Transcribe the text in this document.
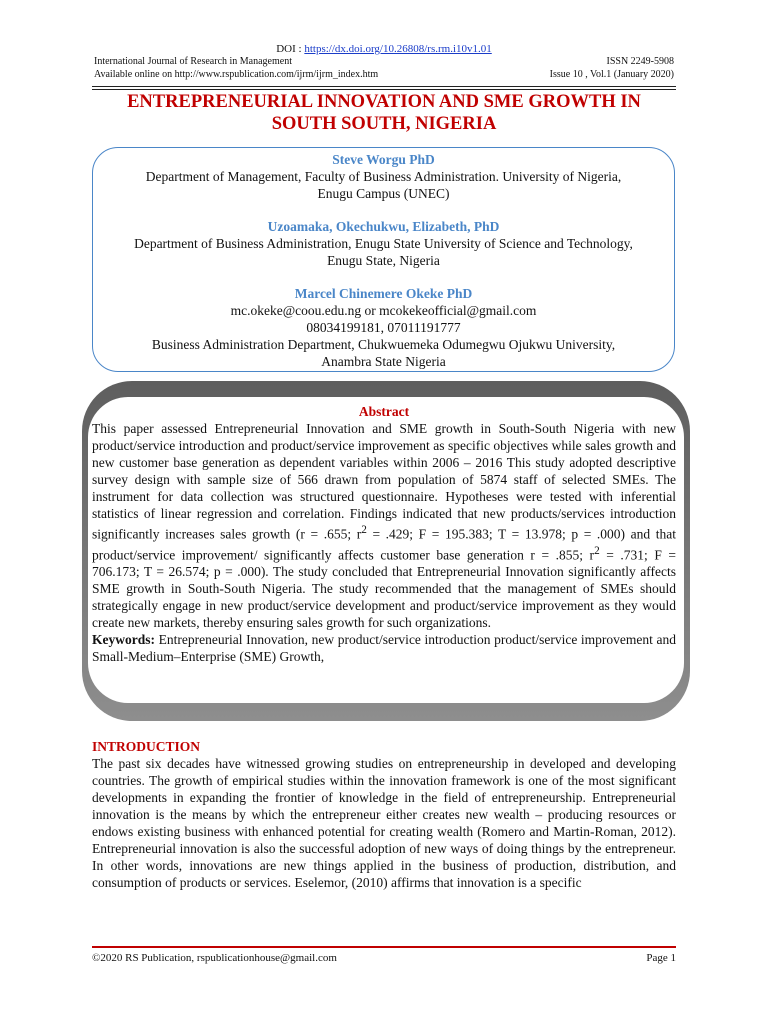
DOI : https://dx.doi.org/10.26808/rs.rm.i10v1.01
International Journal of Research in Management	ISSN 2249-5908
Available online on http://www.rspublication.com/ijrm/ijrm_index.htm	Issue 10 , Vol.1 (January 2020)
ENTREPRENEURIAL INNOVATION AND SME GROWTH IN
SOUTH SOUTH, NIGERIA
Steve Worgu PhD
Department of Management, Faculty of Business Administration. University of Nigeria,
Enugu Campus (UNEC)
Uzoamaka, Okechukwu, Elizabeth, PhD
Department of Business Administration, Enugu State University of Science and Technology,
Enugu State, Nigeria
Marcel Chinemere Okeke PhD
mc.okeke@coou.edu.ng or mcokekeofficial@gmail.com
08034199181, 07011191777
Business Administration Department, Chukwuemeka Odumegwu Ojukwu University,
Anambra State Nigeria
Abstract
This paper assessed Entrepreneurial Innovation and SME growth in South-South Nigeria with new product/service introduction and product/service improvement as specific objectives while sales growth and new customer base generation as dependent variables within 2006 – 2016 This study adopted descriptive survey design with sample size of 566 drawn from population of 5874 staff of selected SMEs. The instrument for data collection was structured questionnaire. Hypotheses were tested with inferential statistics of linear regression and correlation. Findings indicated that new products/services introduction significantly increases sales growth (r = .655; $r^2 = .429$; F = 195.383; T = 13.978; p = .000) and that product/service improvement/ significantly affects customer base generation r = .855; $r^2 = .731$; F = 706.173; T = 26.574; p = .000). The study concluded that Entrepreneurial Innovation significantly affects SME growth in South-South Nigeria. The study recommended that the management of SMEs should strategically engage in new product/service development and product/service improvement as they would create new markets, thereby ensuring sales growth for such organizations.
Keywords: Entrepreneurial Innovation, new product/service introduction product/service improvement and Small-Medium–Enterprise (SME) Growth,
INTRODUCTION
The past six decades have witnessed growing studies on entrepreneurship in developed and developing countries. The growth of empirical studies within the innovation framework is one of the most significant developments in expanding the frontier of knowledge in the field of entrepreneurship. Entrepreneurial innovation is the means by which the entrepreneur either creates new wealth – producing resources or endows existing business with enhanced potential for creating wealth (Romero and Martin-Roman, 2012). Entrepreneurial innovation is also the successful adoption of new ways of doing things by the entrepreneur. In other words, innovations are new things applied in the business of production, distribution, and consumption of products or services. Eselemor, (2010) affirms that innovation is a specific
©2020 RS Publication, rspublicationhouse@gmail.com	Page 1
